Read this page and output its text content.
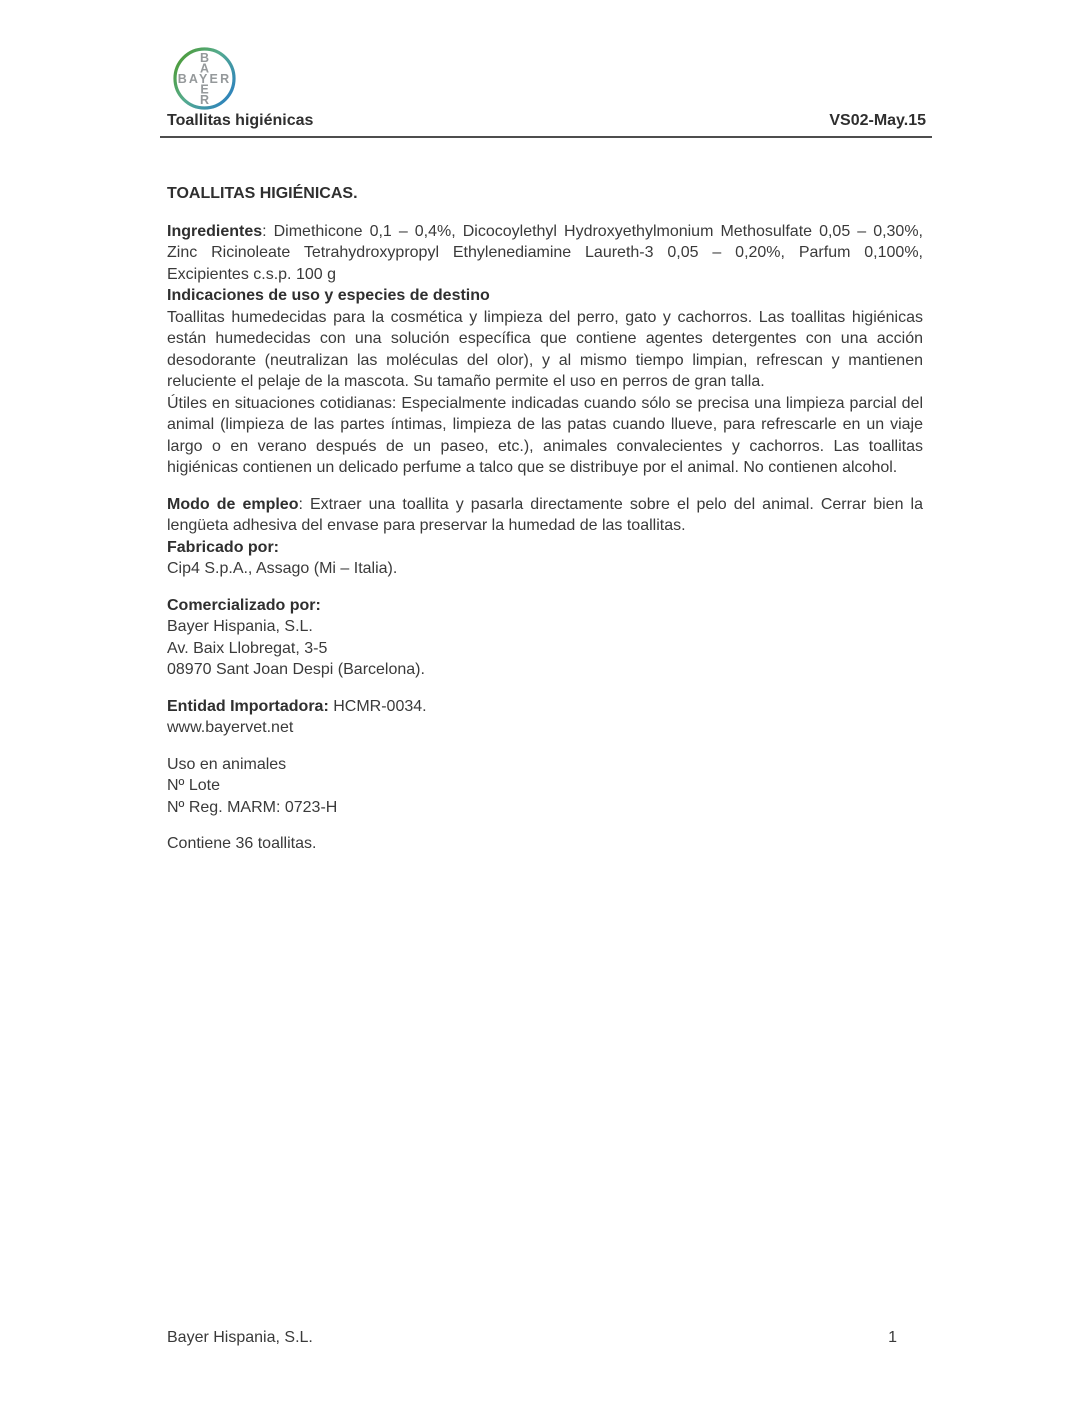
BAYER
B
A
E
R
Toallitas higiénicas	VS02-May.15
TOALLITAS HIGIÉNICAS.

Ingredientes: Dimethicone 0,1 – 0,4%, Dicocoylethyl Hydroxyethylmonium Methosulfate 0,05 – 0,30%, Zinc Ricinoleate Tetrahydroxypropyl Ethylenediamine Laureth-3 0,05 – 0,20%, Parfum 0,100%, Excipientes c.s.p. 100 g

Indicaciones de uso y especies de destino

Toallitas humedecidas para la cosmética y limpieza del perro, gato y cachorros. Las toallitas higiénicas están humedecidas con una solución específica que contiene agentes detergentes con una acción desodorante (neutralizan las moléculas del olor), y al mismo tiempo limpian, refrescan y mantienen reluciente el pelaje de la mascota. Su tamaño permite el uso en perros de gran talla.

Útiles en situaciones cotidianas: Especialmente indicadas cuando sólo se precisa una limpieza parcial del animal (limpieza de las partes íntimas, limpieza de las patas cuando llueve, para refrescarle en un viaje largo o en verano después de un paseo, etc.), animales convalecientes y cachorros. Las toallitas higiénicas contienen un delicado perfume a talco que se distribuye por el animal. No contienen alcohol.

Modo de empleo: Extraer una toallita y pasarla directamente sobre el pelo del animal. Cerrar bien la lengüeta adhesiva del envase para preservar la humedad de las toallitas.

Fabricado por:

Cip4 S.p.A., Assago (Mi – Italia).

Comercializado por:

Bayer Hispania, S.L.

Av. Baix Llobregat, 3-5

08970 Sant Joan Despi (Barcelona).

Entidad Importadora: HCMR-0034.

www.bayervet.net

Uso en animales

Nº Lote

Nº Reg. MARM: 0723-H

Contiene 36 toallitas.

Bayer Hispania, S.L.	1
